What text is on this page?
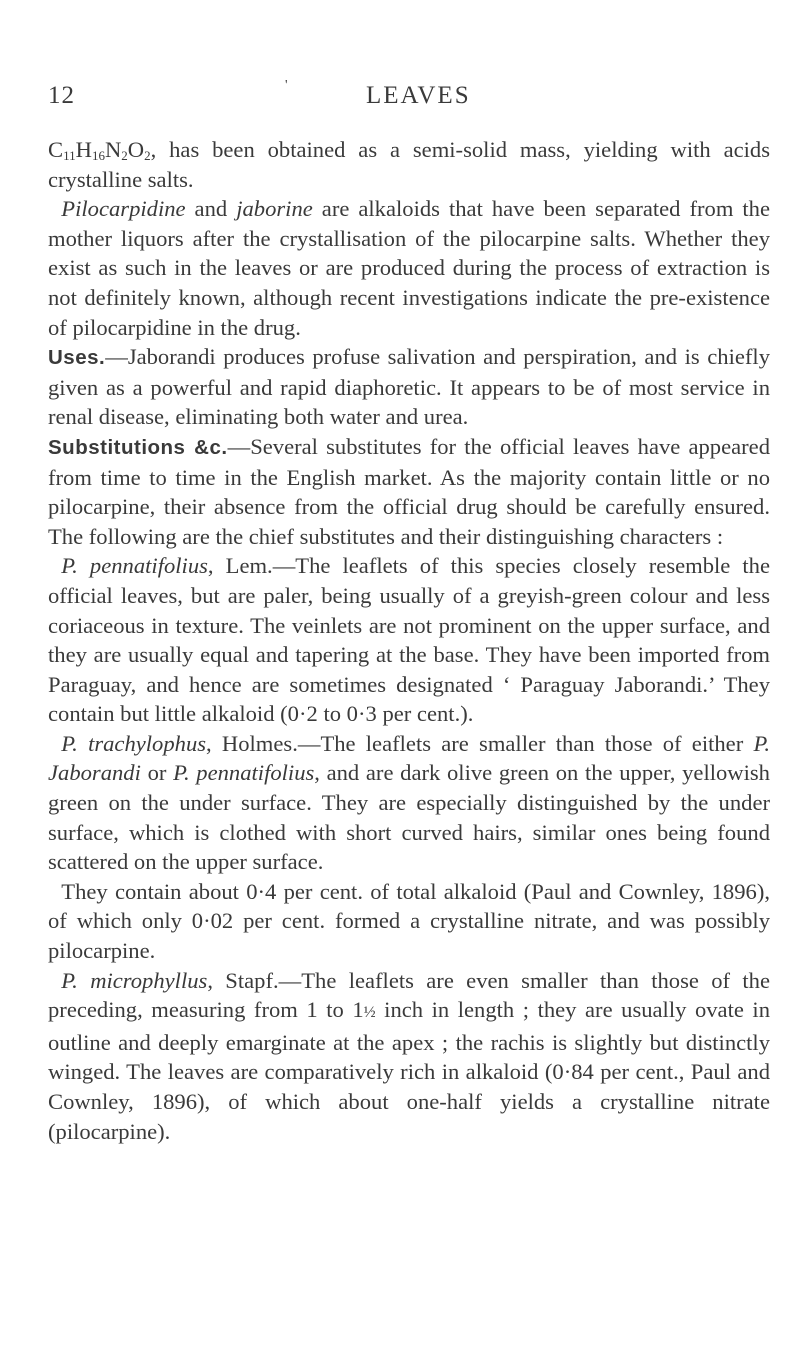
12	'	LEAVES

$C_{11}H_{16}N_2O_2$, has been obtained as a semi-solid mass, yielding with acids crystalline salts.

 Pilocarpidine and jaborine are alkaloids that have been separated from the mother liquors after the crystallisation of the pilocarpine salts. Whether they exist as such in the leaves or are produced during the process of extraction is not definitely known, although recent investigations indicate the pre-existence of pilocarpidine in the drug.

Uses.—Jaborandi produces profuse salivation and perspiration, and is chiefly given as a powerful and rapid diaphoretic. It appears to be of most service in renal disease, eliminating both water and urea.

Substitutions &c.—Several substitutes for the official leaves have appeared from time to time in the English market. As the majority contain little or no pilocarpine, their absence from the official drug should be carefully ensured. The following are the chief substitutes and their distinguishing characters :

 P. pennatifolius, Lem.—The leaflets of this species closely resemble the official leaves, but are paler, being usually of a greyish-green colour and less coriaceous in texture. The veinlets are not prominent on the upper surface, and they are usually equal and tapering at the base. They have been imported from Paraguay, and hence are sometimes designated ‘ Paraguay Jaborandi.’ They contain but little alkaloid (0·2 to 0·3 per cent.).

 P. trachylophus, Holmes.—The leaflets are smaller than those of either P. Jaborandi or P. pennatifolius, and are dark olive green on the upper, yellowish green on the under surface. They are especially distinguished by the under surface, which is clothed with short curved hairs, similar ones being found scattered on the upper surface.

 They contain about 0·4 per cent. of total alkaloid (Paul and Cownley, 1896), of which only 0·02 per cent. formed a crystalline nitrate, and was possibly pilocarpine.

 P. microphyllus, Stapf.—The leaflets are even smaller than those of the preceding, measuring from 1 to 1½ inch in length ; they are usually ovate in outline and deeply emarginate at the apex ; the rachis is slightly but distinctly winged. The leaves are comparatively rich in alkaloid (0·84 per cent., Paul and Cownley, 1896), of which about one-half yields a crystalline nitrate (pilocarpine).
